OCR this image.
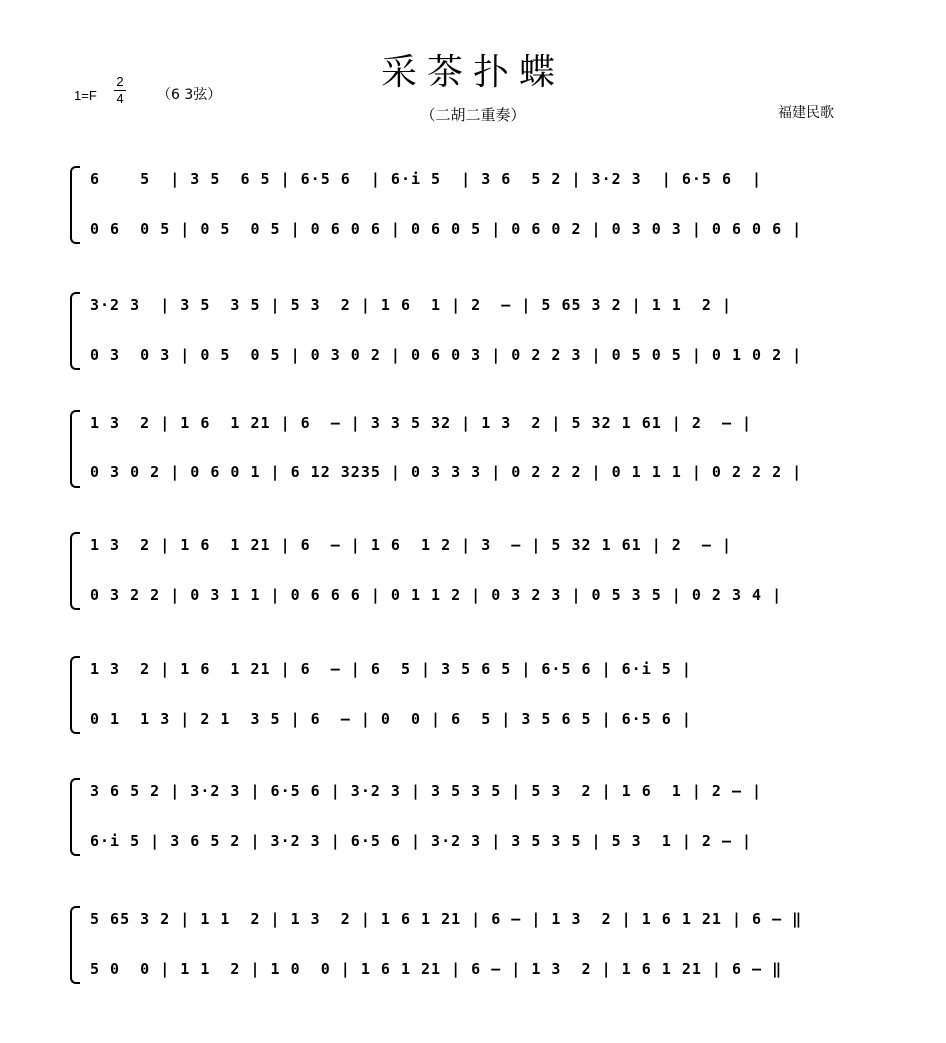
采茶扑蝶
（二胡二重奏）
$1=F \frac{2}{4} (6$ 3弦）
福建民歌
6    5  | 3 5  6 5 | 6·5 6  | 6·i 5  | 3 6  5 2 | 3·2 3  | 6·5 6  |
0 6  0 5 | 0 5  0 5 | 0 6 0 6 | 0 6 0 5 | 0 6 0 2 | 0 3 0 3 | 0 6 0 6 |
3·2 3  | 3 5  3 5 | 5 3  2 | 1 6  1 | 2  — | 5 65 3 2 | 1 1  2 |
0 3  0 3 | 0 5  0 5 | 0 3 0 2 | 0 6 0 3 | 0 2 2 3 | 0 5 0 5 | 0 1 0 2 |
1 3  2 | 1 6  1 21 | 6  — | 3 3 5 32 | 1 3  2 | 5 32 1 61 | 2  — |
0 3 0 2 | 0 6 0 1 | 6 12 3235 | 0 3 3 3 | 0 2 2 2 | 0 1 1 1 | 0 2 2 2 |
1 3  2 | 1 6  1 21 | 6  — | 1 6  1 2 | 3  — | 5 32 1 61 | 2  — |
0 3 2 2 | 0 3 1 1 | 0 6 6 6 | 0 1 1 2 | 0 3 2 3 | 0 5 3 5 | 0 2 3 4 |
1 3  2 | 1 6  1 21 | 6  — | 6  5 | 3 5 6 5 | 6·5 6 | 6·i 5 |
0 1  1 3 | 2 1  3 5 | 6  — | 0  0 | 6  5 | 3 5 6 5 | 6·5 6 |
3 6 5 2 | 3·2 3 | 6·5 6 | 3·2 3 | 3 5 3 5 | 5 3  2 | 1 6  1 | 2 — |
6·i 5 | 3 6 5 2 | 3·2 3 | 6·5 6 | 3·2 3 | 3 5 3 5 | 5 3  1 | 2 — |
5 65 3 2 | 1 1  2 | 1 3  2 | 1 6 1 21 | 6 — | 1 3  2 | 1 6 1 21 | 6 — ‖
5 0  0 | 1 1  2 | 1 0  0 | 1 6 1 21 | 6 — | 1 3  2 | 1 6 1 21 | 6 — ‖
